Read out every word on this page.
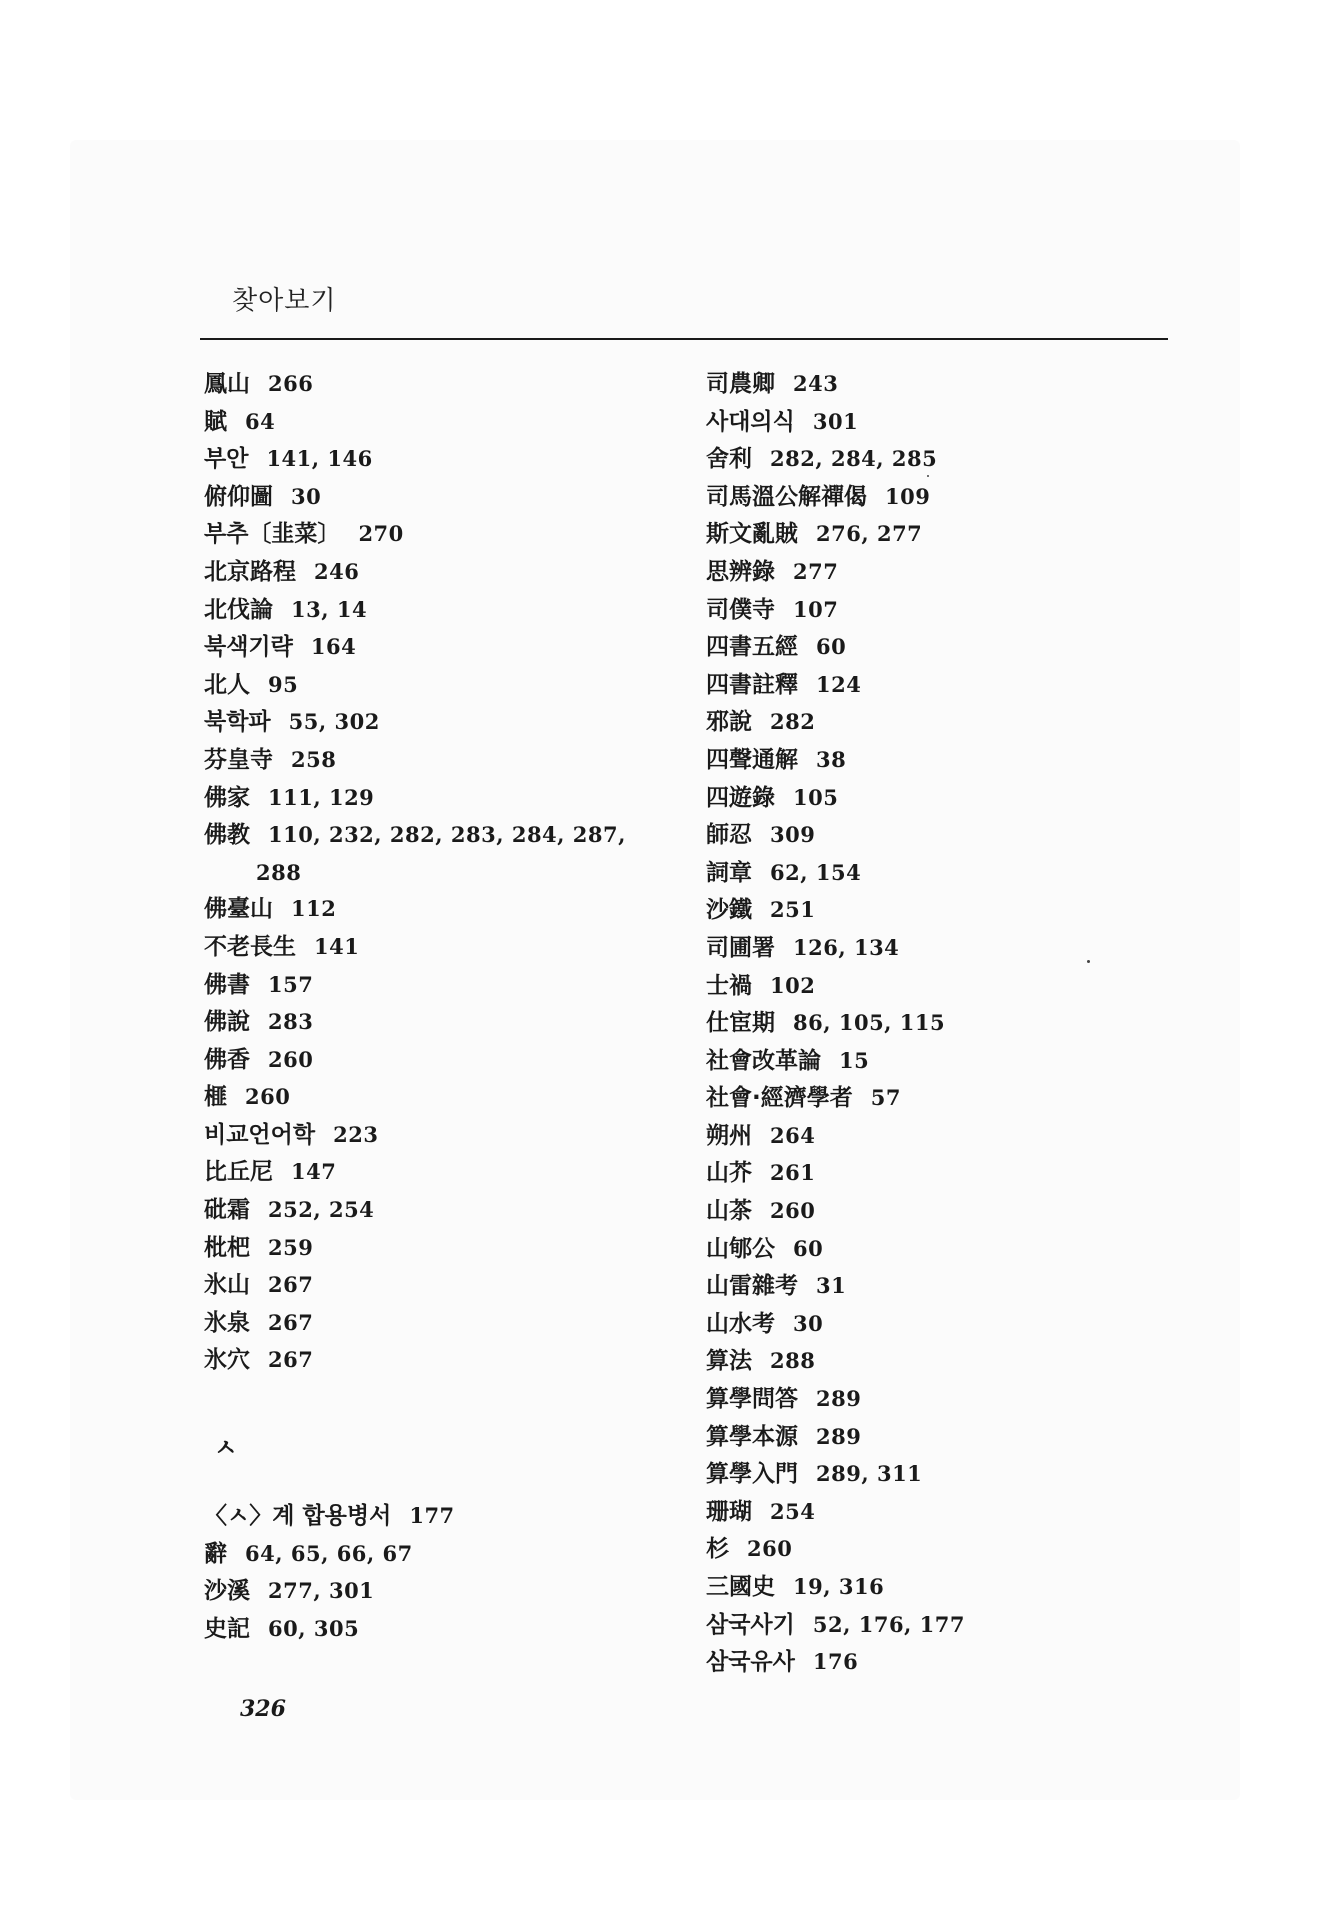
찾아보기
鳳山 266
賦 64
부안 141, 146
俯仰圖 30
부추〔韭菜〕 270
北京路程 246
北伐論 13, 14
북색기략 164
北人 95
북학파 55, 302
芬皇寺 258
佛家 111, 129
佛教 110, 232, 282, 283, 284, 287,
288
佛臺山 112
不老長生 141
佛書 157
佛說 283
佛香 260
榧 260
비교언어학 223
比丘尼 147
砒霜 252, 254
枇杷 259
氷山 267
氷泉 267
氷穴 267
ㅅ
〈ㅅ〉계 합용병서 177
辭 64, 65, 66, 67
沙溪 277, 301
史記 60, 305
司農卿 243
사대의식 301
舍利 282, 284, 285
司馬溫公解禪偈 109
斯文亂賊 276, 277
思辨錄 277
司僕寺 107
四書五經 60
四書註釋 124
邪說 282
四聲通解 38
四遊錄 105
師忍 309
詞章 62, 154
沙鐵 251
司圃署 126, 134
士禍 102
仕宦期 86, 105, 115
社會改革論 15
社會·經濟學者 57
朔州 264
山芥 261
山茶 260
山郇公 60
山雷雜考 31
山水考 30
算法 288
算學問答 289
算學本源 289
算學入門 289, 311
珊瑚 254
杉 260
三國史 19, 316
삼국사기 52, 176, 177
삼국유사 176
326
